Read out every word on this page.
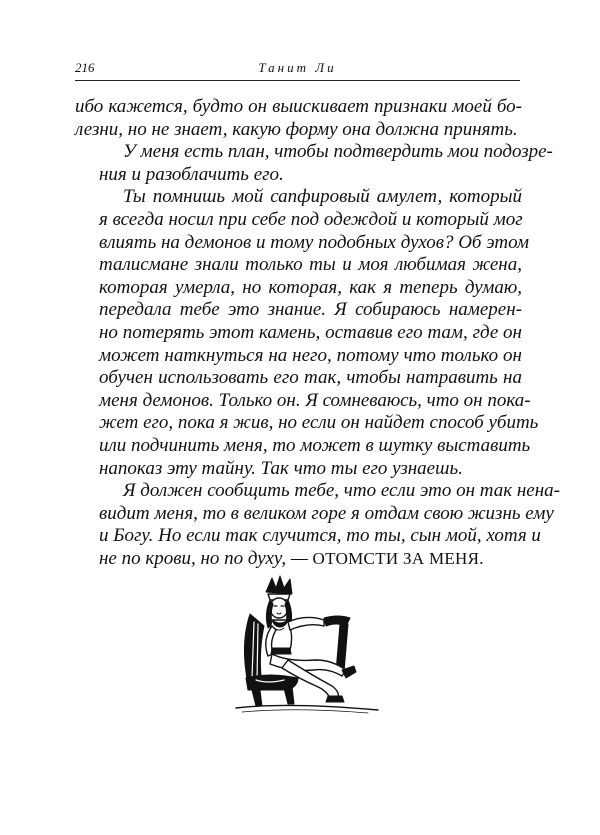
216	Танит Ли

ибо кажется, будто он выискивает признаки моей бо-
лезни, но не знает, какую форму она должна принять.

У меня есть план, чтобы подтвердить мои подозре-
ния и разоблачить его.

Ты помнишь мой сапфировый амулет, который
я всегда носил при себе под одеждой и который мог
влиять на демонов и тому подобных духов? Об этом
талисмане знали только ты и моя любимая жена,
которая умерла, но которая, как я теперь думаю,
передала тебе это знание. Я собираюсь намерен-
но потерять этот камень, оставив его там, где он
может наткнуться на него, потому что только он
обучен использовать его так, чтобы натравить на
меня демонов. Только он. Я сомневаюсь, что он пока-
жет его, пока я жив, но если он найдет способ убить
или подчинить меня, то может в шутку выставить
напоказ эту тайну. Так что ты его узнаешь.

Я должен сообщить тебе, что если это он так нена-
видит меня, то в великом горе я отдам свою жизнь ему
и Богу. Но если так случится, то ты, сын мой, хотя и
не по крови, но по духу, — ОТОМСТИ ЗА МЕНЯ.
